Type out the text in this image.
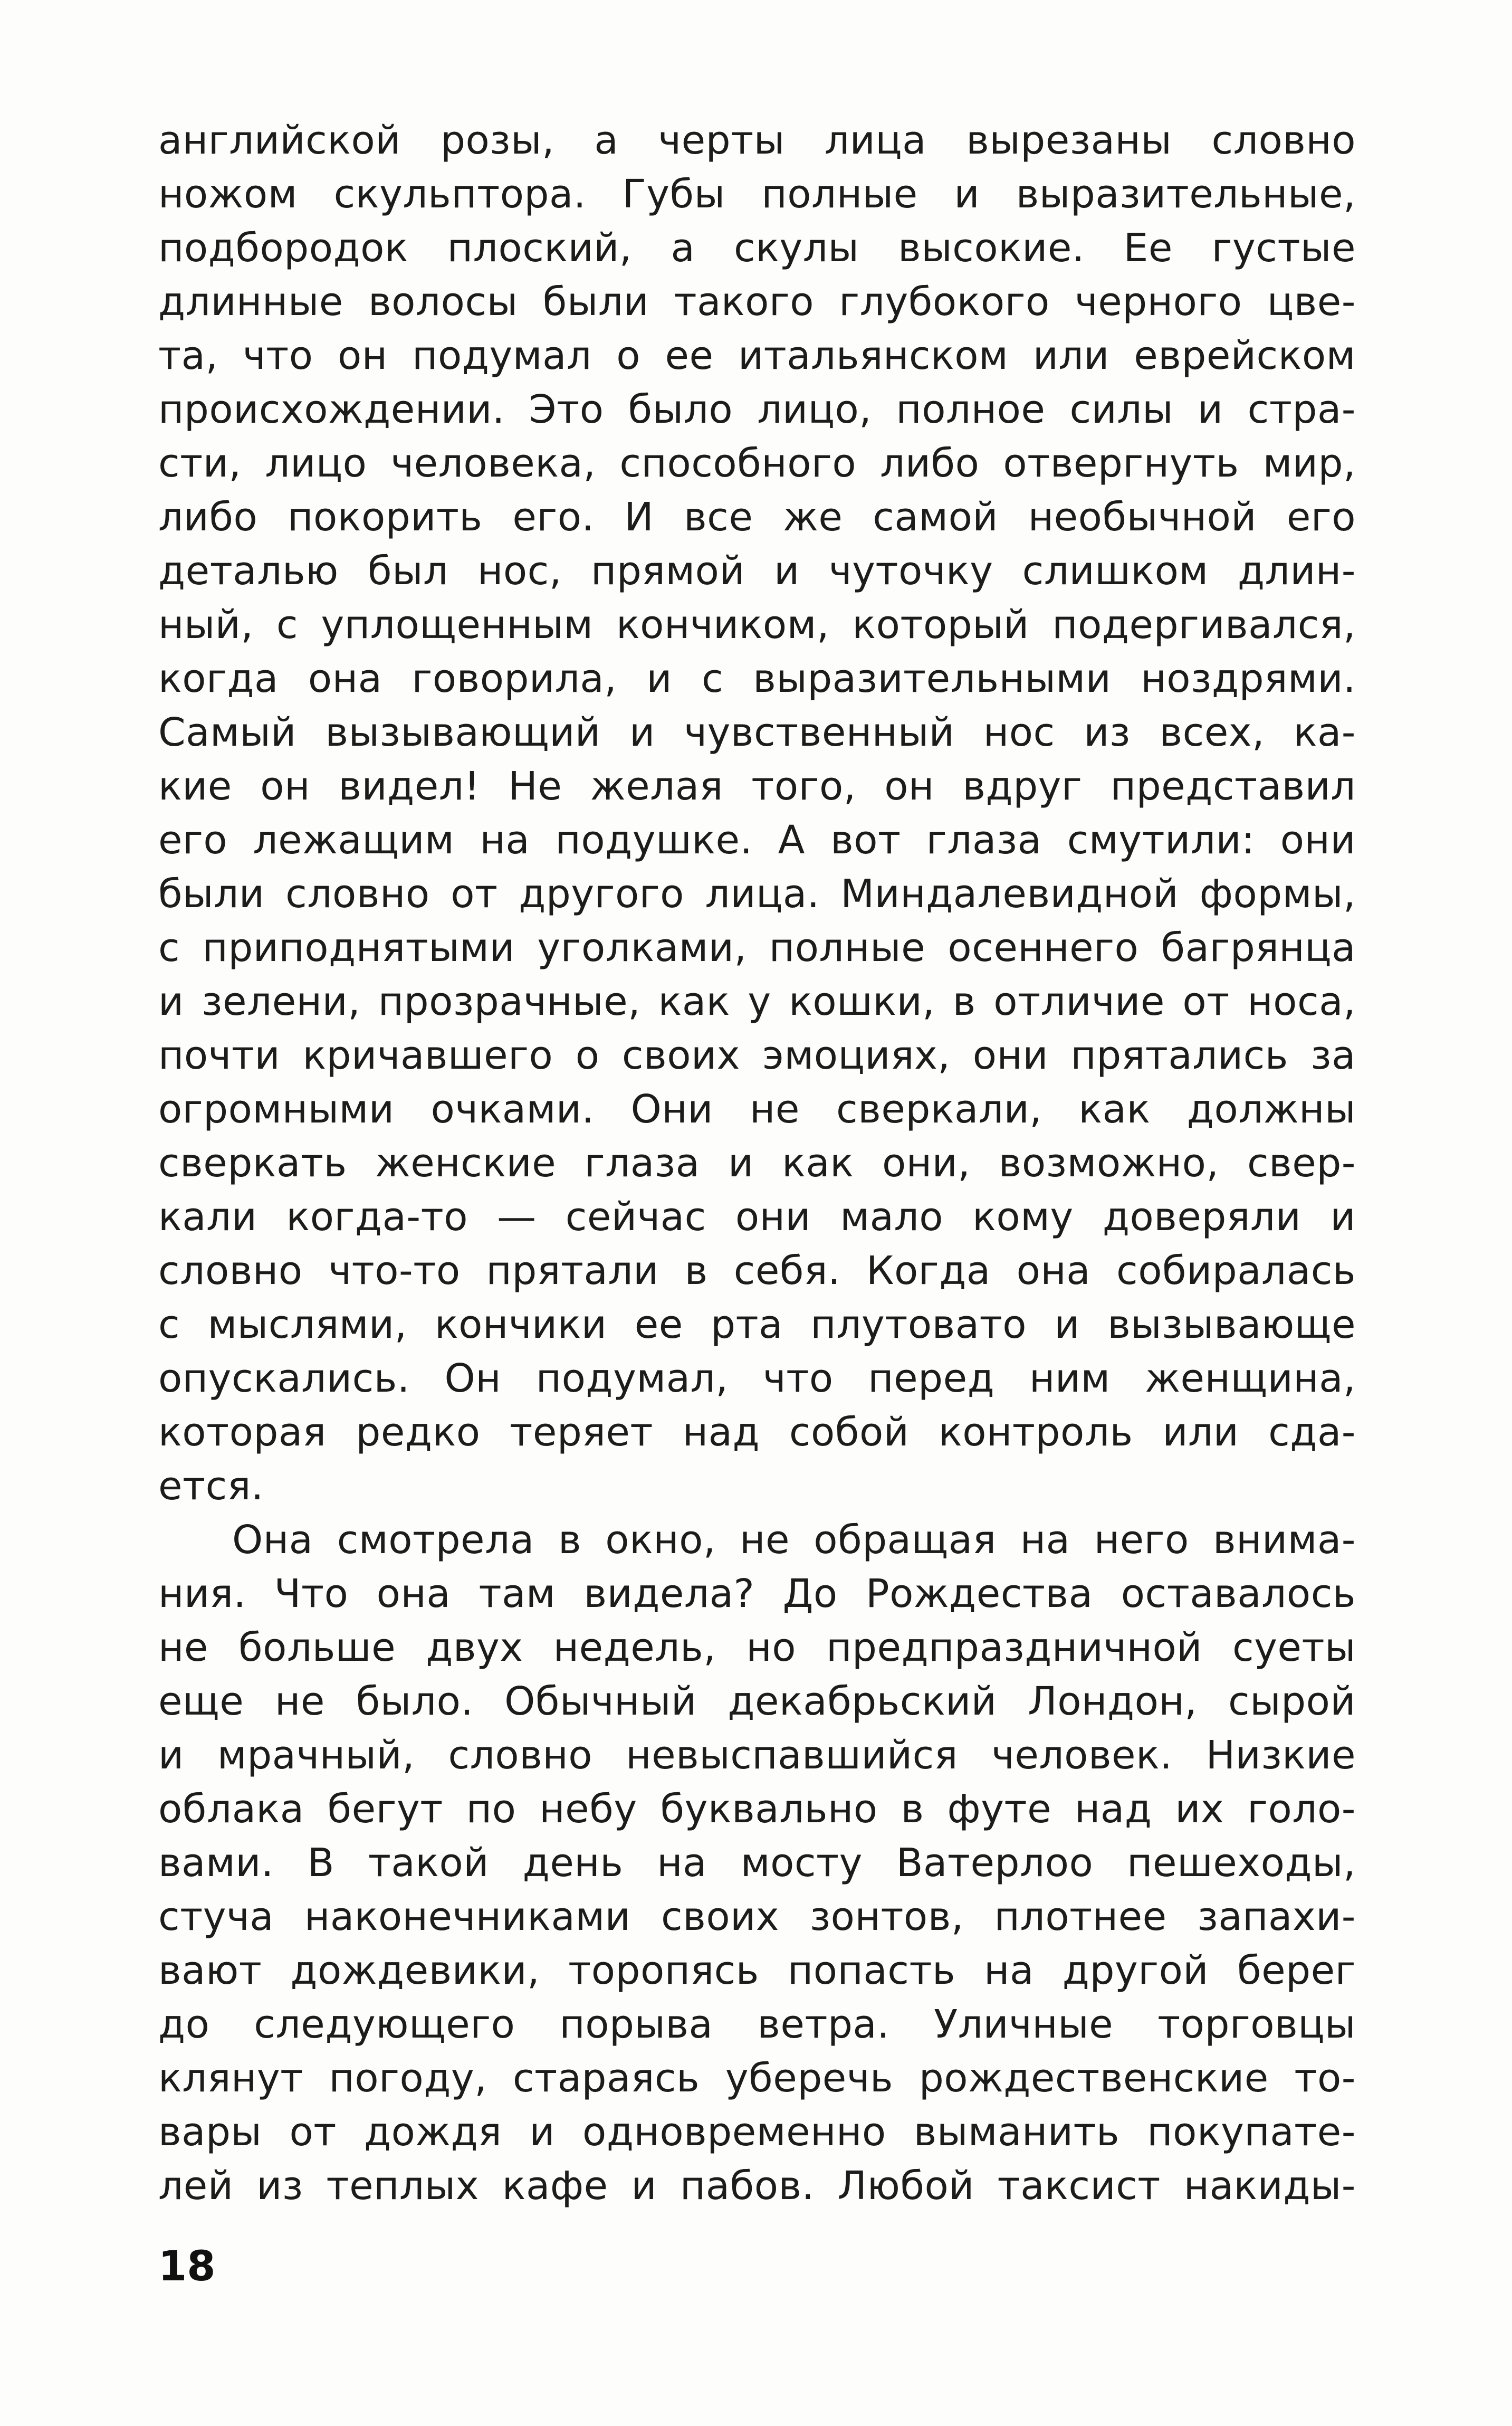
английской розы, а черты лица вырезаны словно
ножом скульптора. Губы полные и выразительные,
подбородок плоский, а скулы высокие. Ее густые
длинные волосы были такого глубокого черного цве-
та, что он подумал о ее итальянском или еврейском
происхождении. Это было лицо, полное силы и стра-
сти, лицо человека, способного либо отвергнуть мир,
либо покорить его. И все же самой необычной его
деталью был нос, прямой и чуточку слишком длин-
ный, с уплощенным кончиком, который подергивался,
когда она говорила, и с выразительными ноздрями.
Самый вызывающий и чувственный нос из всех, ка-
кие он видел! Не желая того, он вдруг представил
его лежащим на подушке. А вот глаза смутили: они
были словно от другого лица. Миндалевидной формы,
с приподнятыми уголками, полные осеннего багрянца
и зелени, прозрачные, как у кошки, в отличие от носа,
почти кричавшего о своих эмоциях, они прятались за
огромными очками. Они не сверкали, как должны
сверкать женские глаза и как они, возможно, свер-
кали когда-то — сейчас они мало кому доверяли и
словно что-то прятали в себя. Когда она собиралась
с мыслями, кончики ее рта плутовато и вызывающе
опускались. Он подумал, что перед ним женщина,
которая редко теряет над собой контроль или сда-
ется.
Она смотрела в окно, не обращая на него внима-
ния. Что она там видела? До Рождества оставалось
не больше двух недель, но предпраздничной суеты
еще не было. Обычный декабрьский Лондон, сырой
и мрачный, словно невыспавшийся человек. Низкие
облака бегут по небу буквально в футе над их голо-
вами. В такой день на мосту Ватерлоо пешеходы,
стуча наконечниками своих зонтов, плотнее запахи-
вают дождевики, торопясь попасть на другой берег
до следующего порыва ветра. Уличные торговцы
клянут погоду, стараясь уберечь рождественские то-
вары от дождя и одновременно выманить покупате-
лей из теплых кафе и пабов. Любой таксист накиды-
18
